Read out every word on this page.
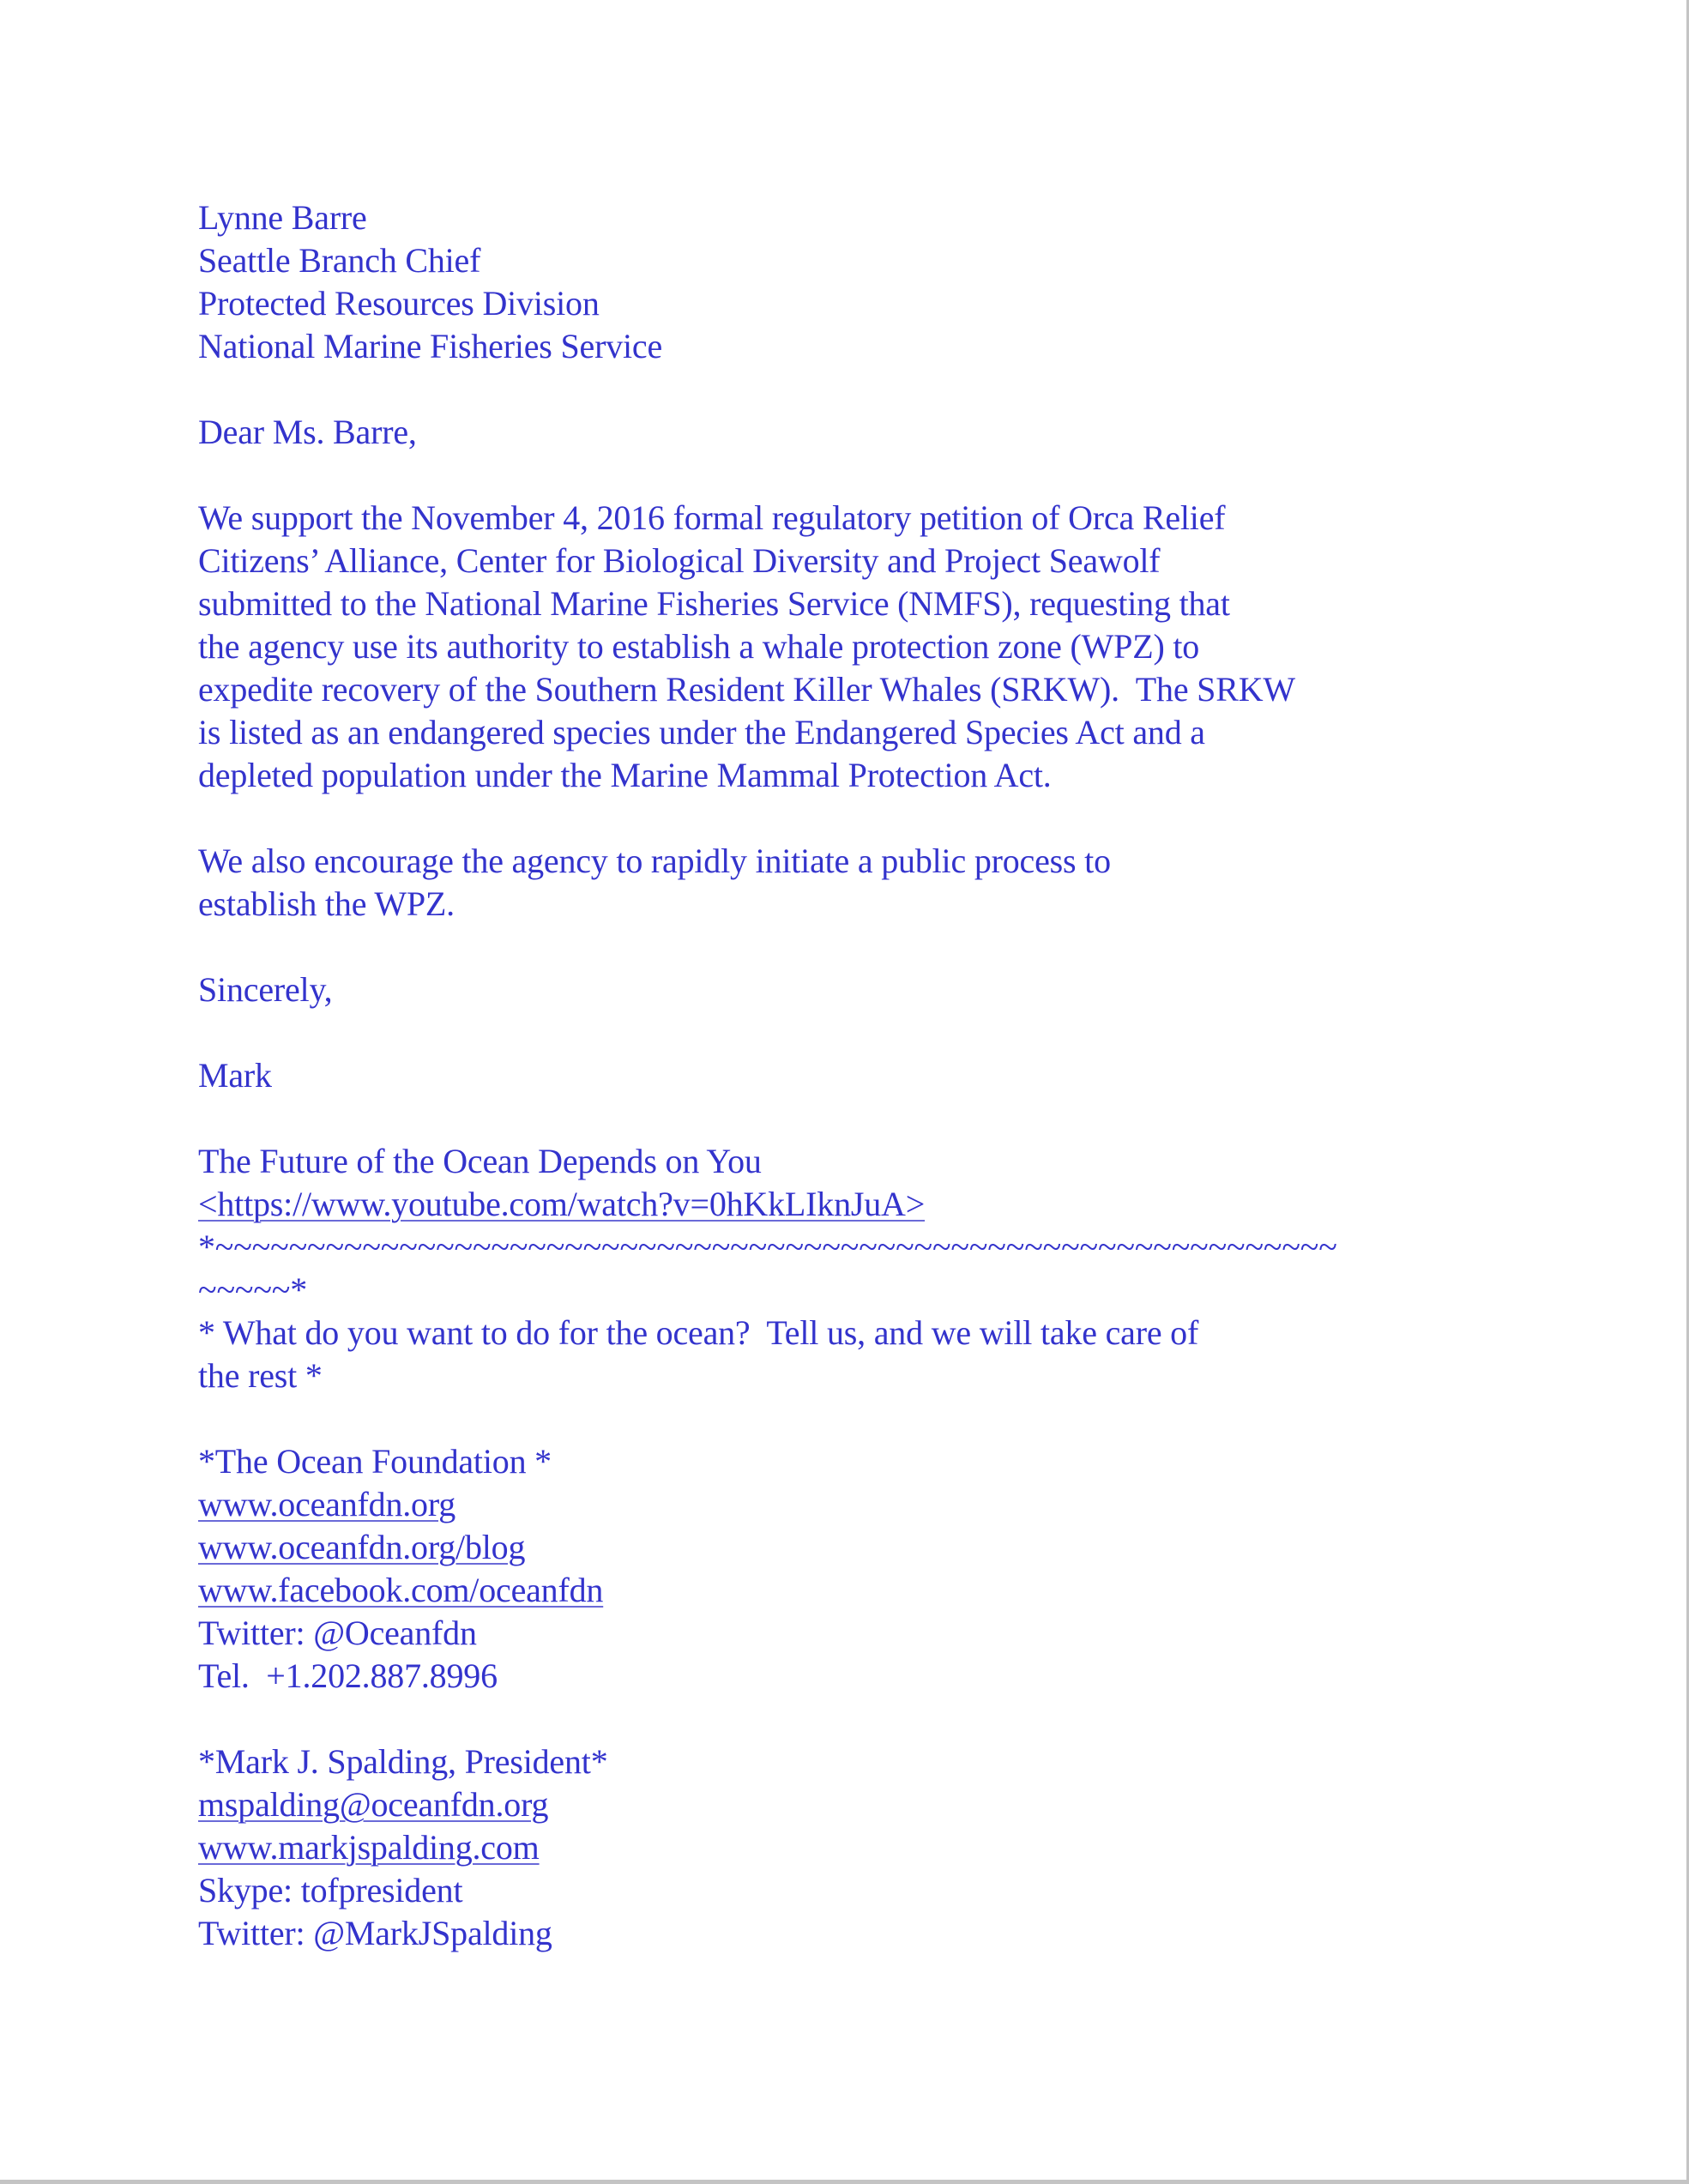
Lynne Barre
Seattle Branch Chief
Protected Resources Division
National Marine Fisheries Service
Dear Ms. Barre,
We support the November 4, 2016 formal regulatory petition of Orca Relief
Citizens’ Alliance, Center for Biological Diversity and Project Seawolf
submitted to the National Marine Fisheries Service (NMFS), requesting that
the agency use its authority to establish a whale protection zone (WPZ) to
expedite recovery of the Southern Resident Killer Whales (SRKW).  The SRKW
is listed as an endangered species under the Endangered Species Act and a
depleted population under the Marine Mammal Protection Act.
We also encourage the agency to rapidly initiate a public process to
establish the WPZ.
Sincerely,
Mark
The Future of the Ocean Depends on You
<https://www.youtube.com/watch?v=0hKkLIknJuA>
*~~~~~~~~~~~~~~~~~~~~~~~~~~~~~~~~~~~~~~~~~~~~~~~~~~~~~~~~~~~~~
~~~~~*
* What do you want to do for the ocean?  Tell us, and we will take care of
the rest *
*The Ocean Foundation *
www.oceanfdn.org
www.oceanfdn.org/blog
www.facebook.com/oceanfdn
Twitter: @Oceanfdn
Tel.  +1.202.887.8996
*Mark J. Spalding, President*
mspalding@oceanfdn.org
www.markjspalding.com
Skype: tofpresident
Twitter: @MarkJSpalding
